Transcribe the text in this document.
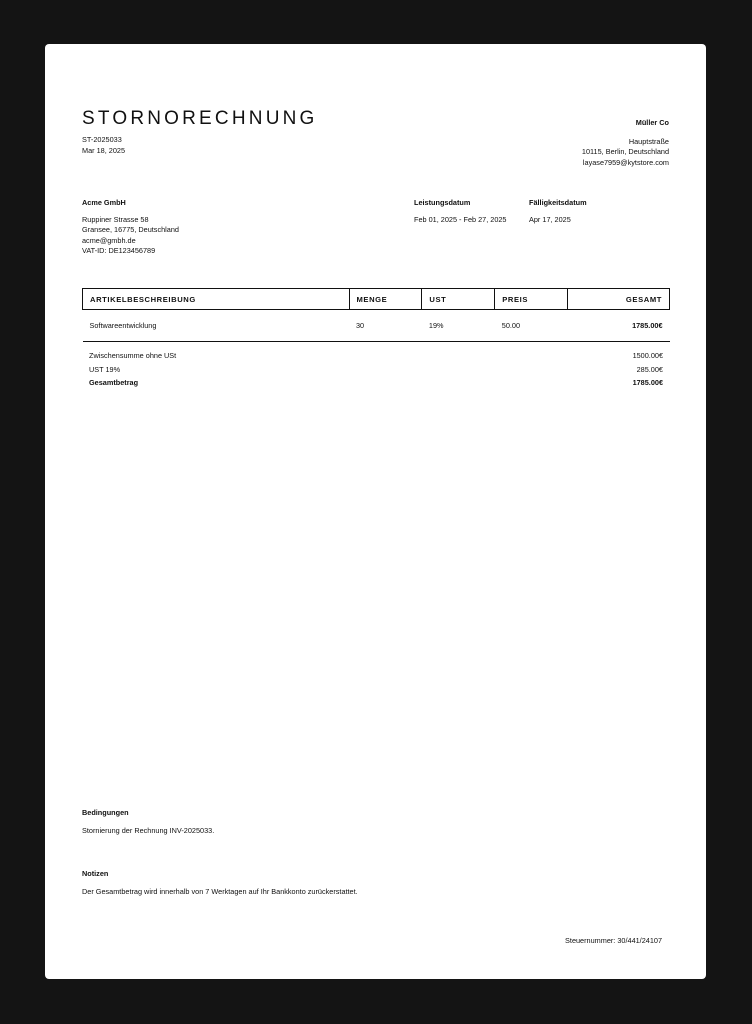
STORNORECHNUNG
ST-2025033
Mar 18, 2025
Müller Co
Hauptstraße
10115, Berlin, Deutschland
layase7959@kytstore.com
Acme GmbH
Ruppiner Strasse 58
Gransee, 16775, Deutschland
acme@gmbh.de
VAT-ID: DE123456789
Leistungsdatum
Feb 01, 2025 - Feb 27, 2025
Fälligkeitsdatum
Apr 17, 2025
ARTIKELBESCHREIBUNG	MENGE	UST	PREIS	GESAMT
Softwareentwicklung	30	19%	50.00	1785.00€
Zwischensumme ohne USt	1500.00€
UST 19%	285.00€
Gesamtbetrag	1785.00€
Bedingungen
Stornierung der Rechnung INV-2025033.
Notizen
Der Gesamtbetrag wird innerhalb von 7 Werktagen auf Ihr Bankkonto zurückerstattet.
Steuernummer: 30/441/24107
